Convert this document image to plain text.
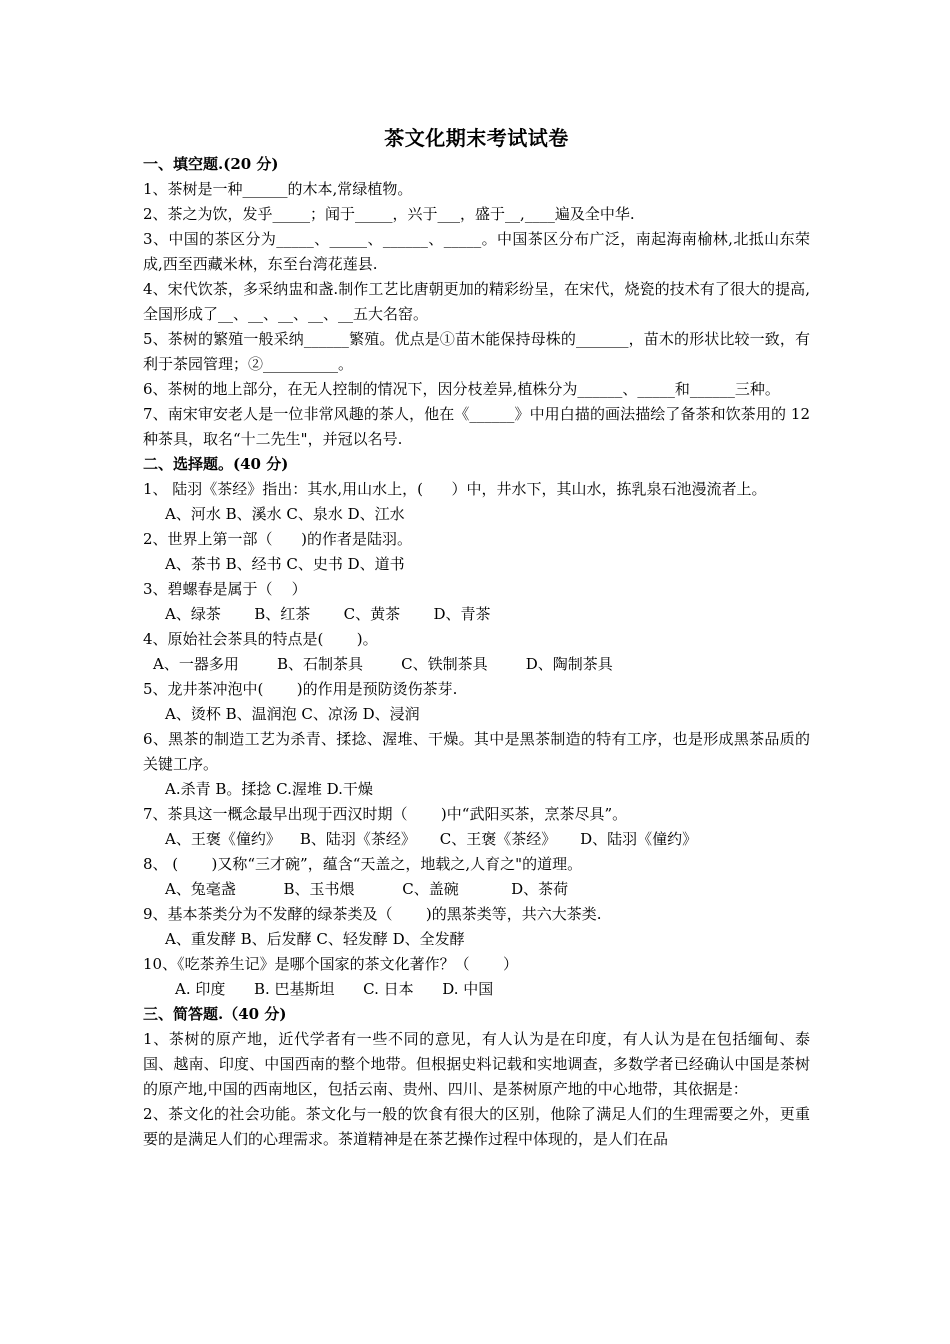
茶文化期末考试试卷
一、填空题.(20 分)
1、茶树是一种______的木本,常绿植物。
2、茶之为饮，发乎_____；闻于_____，兴于___，盛于__,____遍及全中华.
3、中国的茶区分为_____、_____、______、_____。中国茶区分布广泛，南起海南榆林,北抵山东荣成,西至西藏米林，东至台湾花莲县.
4、宋代饮茶，多采纳盅和盏.制作工艺比唐朝更加的精彩纷呈，在宋代，烧瓷的技术有了很大的提高,全国形成了__、__、__、__、__五大名窑。
5、茶树的繁殖一般采纳______繁殖。优点是①苗木能保持母株的_______，苗木的形状比较一致，有利于茶园管理；②__________。
6、茶树的地上部分，在无人控制的情况下，因分枝差异,植株分为______、_____和______三种。
7、南宋审安老人是一位非常风趣的茶人，他在《______》中用白描的画法描绘了备茶和饮茶用的 12 种茶具，取名“十二先生"，并冠以名号.
二、选择题。(40 分)
1、 陆羽《茶经》指出：其水,用山水上，(      ）中，井水下，其山水，拣乳泉石池漫流者上。
A、河水 B、溪水 C、泉水 D、江水
2、世界上第一部（      )的作者是陆羽。
A、茶书 B、经书 C、史书 D、道书
3、碧螺春是属于（    ）
A、绿茶       B、红茶       C、黄茶       D、青茶
4、原始社会茶具的特点是(       )。
A、一器多用        B、石制茶具        C、铁制茶具        D、陶制茶具
5、龙井茶冲泡中(       )的作用是预防烫伤茶芽.
A、烫杯 B、温润泡 C、凉汤 D、浸润
6、黑茶的制造工艺为杀青、揉捻、渥堆、干燥。其中是黑茶制造的特有工序，也是形成黑茶品质的关键工序。
A.杀青 B。揉捻 C.渥堆 D.干燥
7、茶具这一概念最早出现于西汉时期（       )中“武阳买茶，烹茶尽具”。
A、王褒《僮约》    B、陆羽《茶经》     C、王褒《茶经》     D、陆羽《僮约》
8、 (       )又称“三才碗”，蕴含“天盖之，地载之,人育之"的道理。
A、兔毫盏          B、玉书煨          C、盖碗           D、茶荷
9、基本茶类分为不发酵的绿茶类及（       )的黑茶类等，共六大茶类.
A、重发酵 B、后发酵 C、轻发酵 D、全发酵
10、《吃茶养生记》是哪个国家的茶文化著作？（       ）
A. 印度      B. 巴基斯坦      C. 日本      D. 中国
三、简答题.（40 分)
1、茶树的原产地，近代学者有一些不同的意见，有人认为是在印度，有人认为是在包括缅甸、泰国、越南、印度、中国西南的整个地带。但根据史料记载和实地调查，多数学者已经确认中国是茶树的原产地,中国的西南地区，包括云南、贵州、四川、是茶树原产地的中心地带，其依据是：
2、茶文化的社会功能。茶文化与一般的饮食有很大的区别，他除了满足人们的生理需要之外，更重要的是满足人们的心理需求。茶道精神是在茶艺操作过程中体现的，是人们在品
